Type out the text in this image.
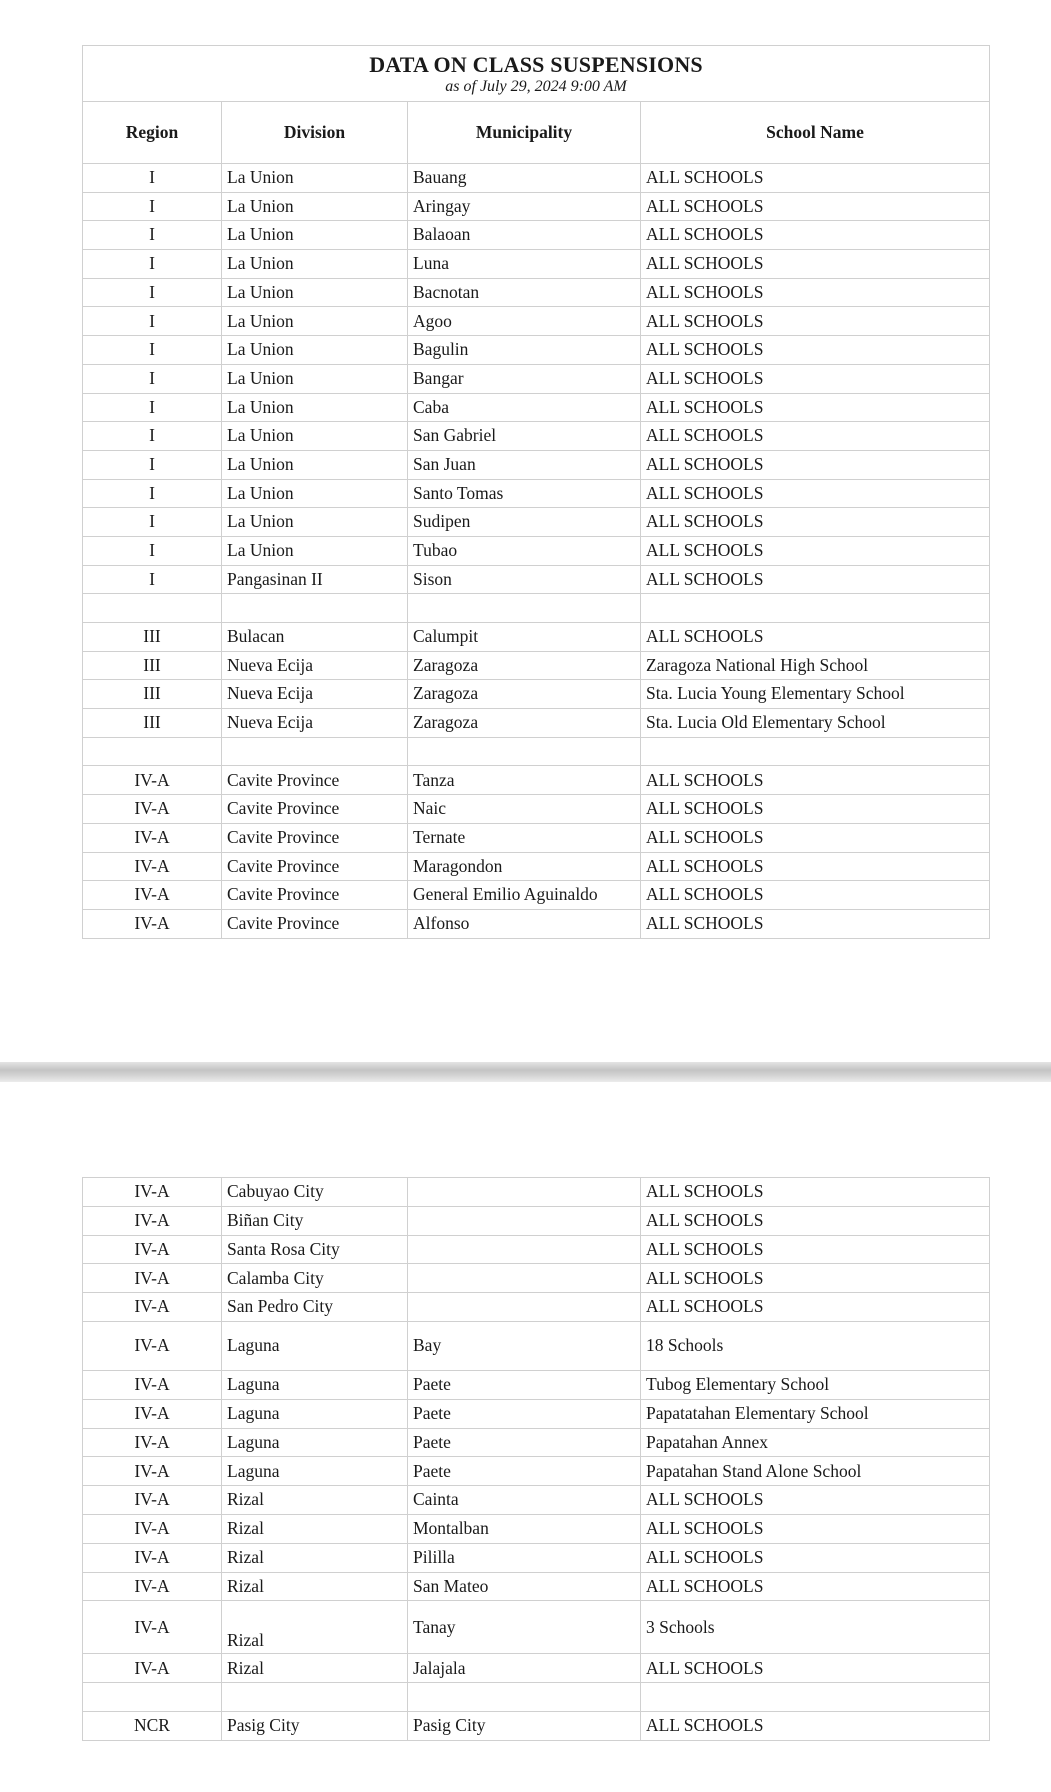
DATA ON CLASS SUSPENSIONS
as of July 29, 2024 9:00 AM			

Region	Division	Municipality	School Name
I	La Union	Bauang	ALL SCHOOLS
I	La Union	Aringay	ALL SCHOOLS
I	La Union	Balaoan	ALL SCHOOLS
I	La Union	Luna	ALL SCHOOLS
I	La Union	Bacnotan	ALL SCHOOLS
I	La Union	Agoo	ALL SCHOOLS
I	La Union	Bagulin	ALL SCHOOLS
I	La Union	Bangar	ALL SCHOOLS
I	La Union	Caba	ALL SCHOOLS
I	La Union	San Gabriel	ALL SCHOOLS
I	La Union	San Juan	ALL SCHOOLS
I	La Union	Santo Tomas	ALL SCHOOLS
I	La Union	Sudipen	ALL SCHOOLS
I	La Union	Tubao	ALL SCHOOLS
I	Pangasinan II	Sison	ALL SCHOOLS

III	Bulacan	Calumpit	ALL SCHOOLS
III	Nueva Ecija	Zaragoza	Zaragoza National High School
III	Nueva Ecija	Zaragoza	Sta. Lucia Young Elementary School
III	Nueva Ecija	Zaragoza	Sta. Lucia Old Elementary School

IV-A	Cavite Province	Tanza	ALL SCHOOLS
IV-A	Cavite Province	Naic	ALL SCHOOLS
IV-A	Cavite Province	Ternate	ALL SCHOOLS
IV-A	Cavite Province	Maragondon	ALL SCHOOLS
IV-A	Cavite Province	General Emilio Aguinaldo	ALL SCHOOLS
IV-A	Cavite Province	Alfonso	ALL SCHOOLS
IV-A	Cabuyao City		ALL SCHOOLS
IV-A	Biñan City		ALL SCHOOLS
IV-A	Santa Rosa City		ALL SCHOOLS
IV-A	Calamba City		ALL SCHOOLS
IV-A	San Pedro City		ALL SCHOOLS
IV-A	Laguna	Bay	18 Schools
IV-A	Laguna	Paete	Tubog Elementary School
IV-A	Laguna	Paete	Papatatahan Elementary School
IV-A	Laguna	Paete	Papatahan Annex
IV-A	Laguna	Paete	Papatahan Stand Alone School
IV-A	Rizal	Cainta	ALL SCHOOLS
IV-A	Rizal	Montalban	ALL SCHOOLS
IV-A	Rizal	Pililla	ALL SCHOOLS
IV-A	Rizal	San Mateo	ALL SCHOOLS
IV-A	Rizal	Tanay	3 Schools
IV-A	Rizal	Jalajala	ALL SCHOOLS

NCR	Pasig City	Pasig City	ALL SCHOOLS
